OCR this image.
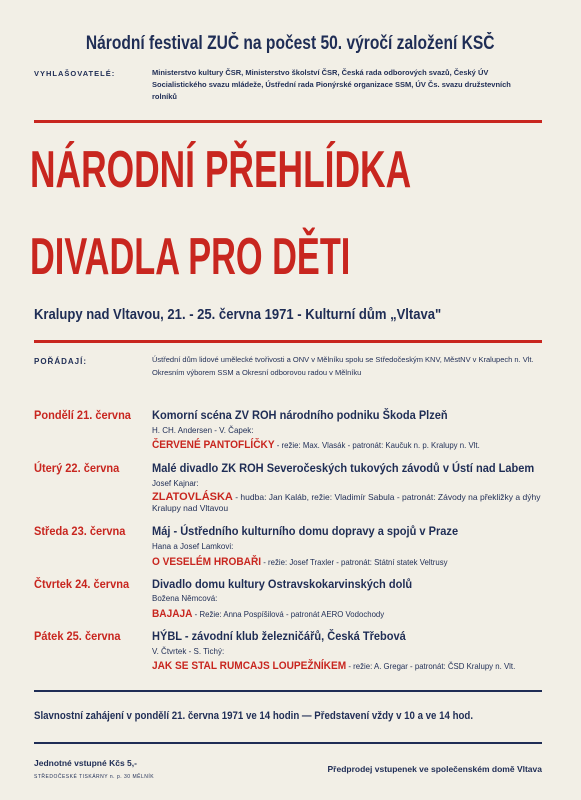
Národní festival ZUČ na počest 50. výročí založení KSČ
VYHLAŠOVATELÉ:	Ministerstvo kultury ČSR, Ministerstvo školství ČSR, Česká rada odborových svazů, Český ÚV Socialistického svazu mládeže, Ústřední rada Pionýrské organizace SSM, ÚV Čs. svazu družstevních rolníků
NÁRODNÍ PŘEHLÍDKA
DIVADLA PRO DĚTI
Kralupy nad Vltavou, 21. - 25. června 1971 - Kulturní dům „Vltava"
POŘÁDAJÍ:	Ústřední dům lidové umělecké tvořivosti a ONV v Mělníku spolu se Středočeským KNV, MěstNV v Kralupech n. Vlt. Okresním výborem SSM a Okresní odborovou radou v Mělníku
Pondělí 21. června	Komorní scéna ZV ROH národního podniku Škoda Plzeň
H. CH. Andersen - V. Čapek:
ČERVENÉ PANTOFLÍČKY - režie: Max. Vlasák - patronát: Kaučuk n. p. Kralupy n. Vlt.
Úterý 22. června	Malé divadlo ZK ROH Severočeských tukových závodů v Ústí nad Labem
Josef Kajnar:
ZLATOVLÁSKA - hudba: Jan Kaláb, režie: Vladimír Sabula - patronát: Závody na překližky a dýhy Kralupy nad Vltavou
Středa 23. června	Máj - Ústředního kulturního domu dopravy a spojů v Praze
Hana a Josef Lamkovi:
O VESELÉM HROBAŘI - režie: Josef Traxler - patronát: Státní statek Veltrusy
Čtvrtek 24. června	Divadlo domu kultury Ostravskokarvinských dolů
Božena Němcová:
BAJAJA - Režie: Anna Pospíšilová - patronát AERO Vodochody
Pátek 25. června	HÝBL - závodní klub železničářů, Česká Třebová
V. Čtvrtek - S. Tichý:
JAK SE STAL RUMCAJS LOUPEŽNÍKEM - režie: A. Gregar - patronát: ČSD Kralupy n. Vlt.
Slavnostní zahájení v pondělí 21. června 1971 ve 14 hodin — Představení vždy v 10 a ve 14 hod.
Jednotné vstupné Kčs 5,-
STŘEDOČESKÉ TISKÁRNY n. p. 30 MĚLNÍK
Předprodej vstupenek ve společenském domě Vltava
